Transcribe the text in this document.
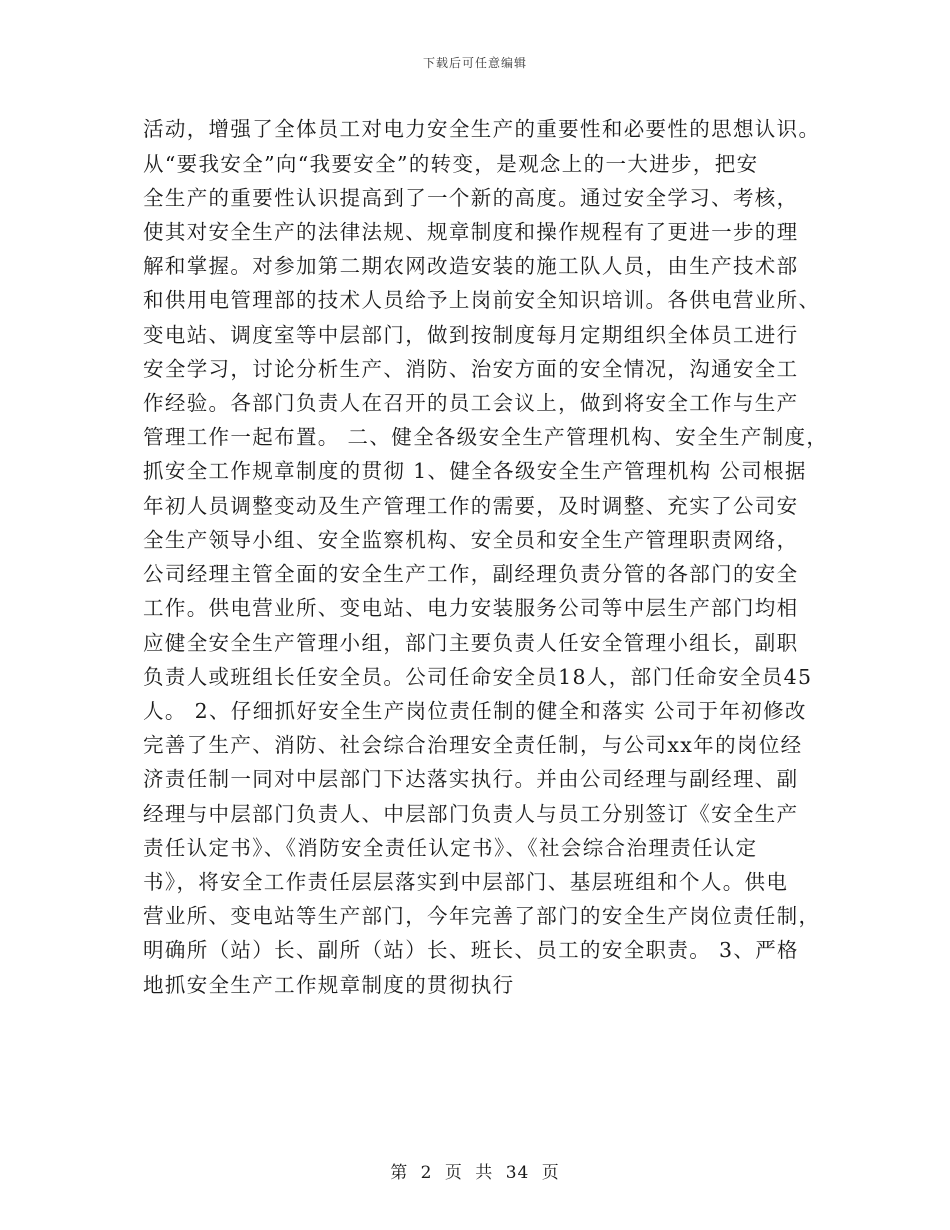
下载后可任意编辑
活动，增强了全体员工对电力安全生产的重要性和必要性的思想认识。
从“要我安全”向“我要安全”的转变，是观念上的一大进步，把安
全生产的重要性认识提高到了一个新的高度。通过安全学习、考核，
使其对安全生产的法律法规、规章制度和操作规程有了更进一步的理
解和掌握。对参加第二期农网改造安装的施工队人员，由生产技术部
和供用电管理部的技术人员给予上岗前安全知识培训。各供电营业所、
变电站、调度室等中层部门，做到按制度每月定期组织全体员工进行
安全学习，讨论分析生产、消防、治安方面的安全情况，沟通安全工
作经验。各部门负责人在召开的员工会议上，做到将安全工作与生产
管理工作一起布置。 二、健全各级安全生产管理机构、安全生产制度，
抓安全工作规章制度的贯彻 1、健全各级安全生产管理机构 公司根据
年初人员调整变动及生产管理工作的需要，及时调整、充实了公司安
全生产领导小组、安全监察机构、安全员和安全生产管理职责网络，
公司经理主管全面的安全生产工作，副经理负责分管的各部门的安全
工作。供电营业所、变电站、电力安装服务公司等中层生产部门均相
应健全安全生产管理小组，部门主要负责人任安全管理小组长，副职
负责人或班组长任安全员。公司任命安全员18人，部门任命安全员45
人。 2、仔细抓好安全生产岗位责任制的健全和落实 公司于年初修改
完善了生产、消防、社会综合治理安全责任制，与公司xx年的岗位经
济责任制一同对中层部门下达落实执行。并由公司经理与副经理、副
经理与中层部门负责人、中层部门负责人与员工分别签订《安全生产
责任认定书》、《消防安全责任认定书》、《社会综合治理责任认定
书》，将安全工作责任层层落实到中层部门、基层班组和个人。供电
营业所、变电站等生产部门，今年完善了部门的安全生产岗位责任制，
明确所（站）长、副所（站）长、班长、员工的安全职责。 3、严格
地抓安全生产工作规章制度的贯彻执行
第 2 页 共 34 页
